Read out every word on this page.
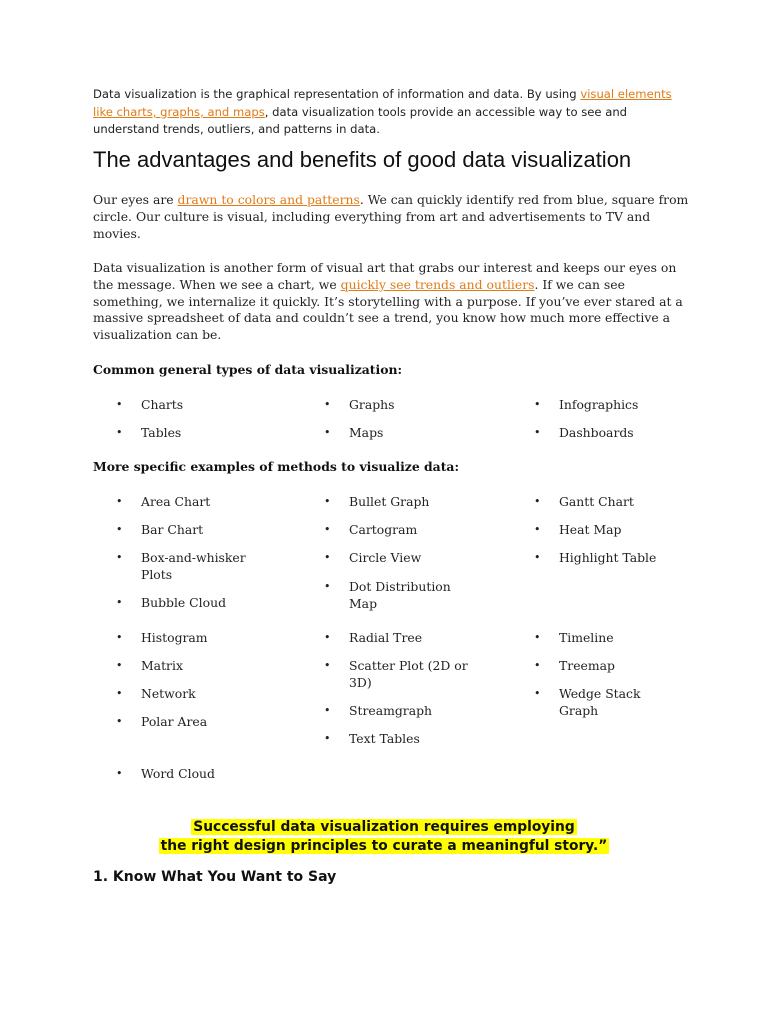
Data visualization is the graphical representation of information and data. By using visual elements like charts, graphs, and maps, data visualization tools provide an accessible way to see and understand trends, outliers, and patterns in data.
The advantages and benefits of good data visualization
Our eyes are drawn to colors and patterns. We can quickly identify red from blue, square from circle. Our culture is visual, including everything from art and advertisements to TV and movies.
Data visualization is another form of visual art that grabs our interest and keeps our eyes on the message. When we see a chart, we quickly see trends and outliers. If we can see something, we internalize it quickly. It’s storytelling with a purpose. If you’ve ever stared at a massive spreadsheet of data and couldn’t see a trend, you know how much more effective a visualization can be.
Common general types of data visualization:
• Charts	• Graphs	• Infographics
• Tables	• Maps	• Dashboards
More specific examples of methods to visualize data:
• Area Chart	• Bullet Graph	• Gantt Chart
• Bar Chart	• Cartogram	• Heat Map
• Box-and-whisker Plots
• Circle View	• Highlight Table
• Bubble Cloud
• Dot Distribution Map
• Histogram	• Radial Tree	• Timeline
• Matrix	• Scatter Plot (2D or 3D)
• Treemap
• Network
• Streamgraph
• Wedge Stack Graph
• Polar Area
• Text Tables
• Word Cloud
Successful data visualization requires employing
the right design principles to curate a meaningful story.”
1. Know What You Want to Say
